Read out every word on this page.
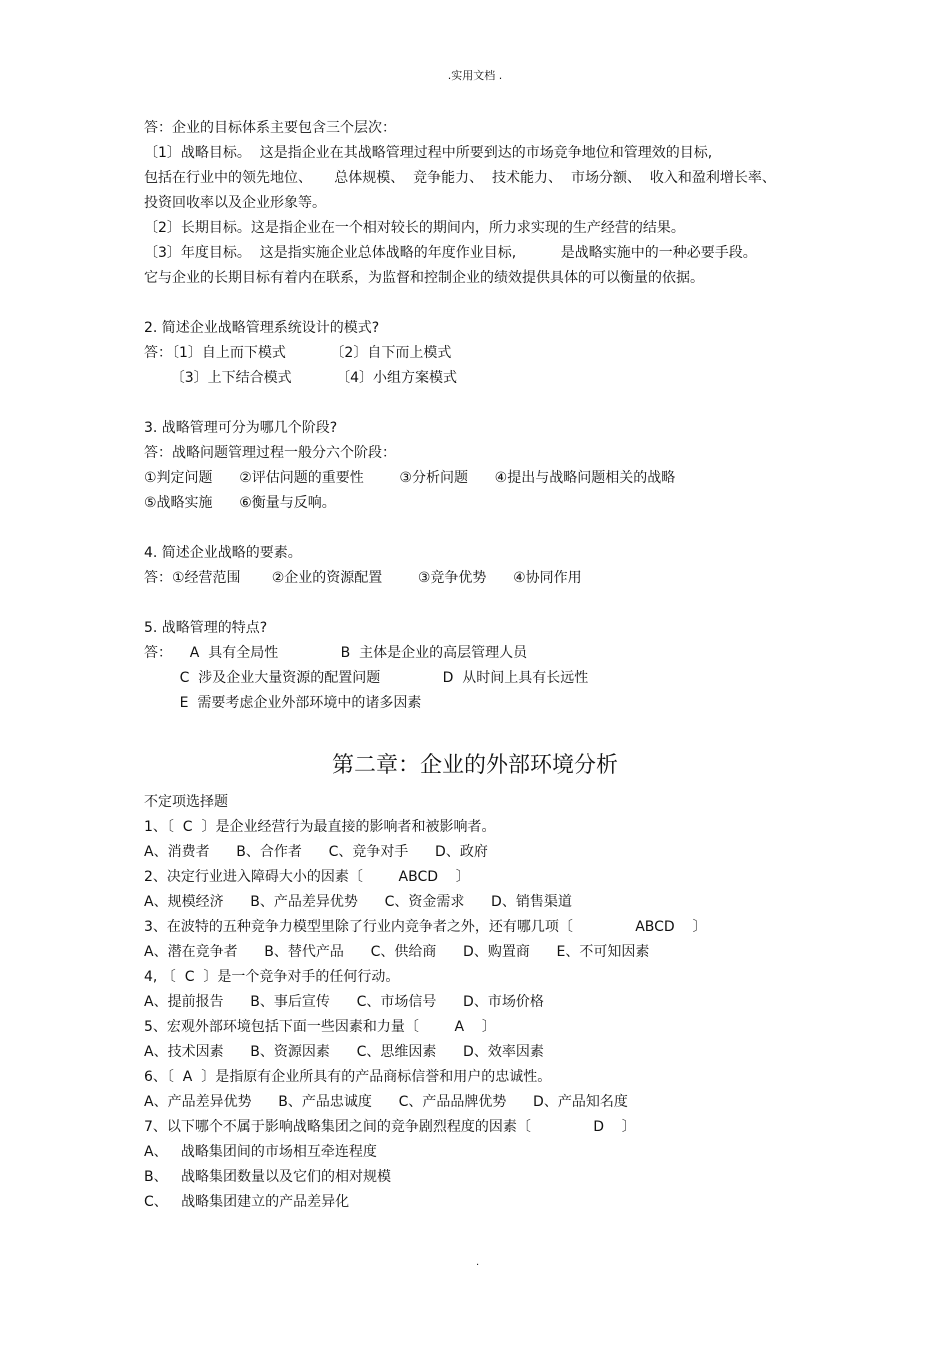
.实用文档 .
答：企业的目标体系主要包含三个层次：
〔1〕战略目标。  这是指企业在其战略管理过程中所要到达的市场竞争地位和管理效的目标,
包括在行业中的领先地位、     总体规模、  竞争能力、  技术能力、  市场分额、  收入和盈利增长率、
投资回收率以及企业形象等。
〔2〕长期目标。这是指企业在一个相对较长的期间内，所力求实现的生产经营的结果。
〔3〕年度目标。  这是指实施企业总体战略的年度作业目标,          是战略实施中的一种必要手段。
它与企业的长期目标有着内在联系，为监督和控制企业的绩效提供具体的可以衡量的依据。
2. 简述企业战略管理系统设计的模式?
答：〔1〕自上而下模式          〔2〕自下而上模式
〔3〕上下结合模式          〔4〕小组方案模式
3. 战略管理可分为哪几个阶段?
答：战略问题管理过程一般分六个阶段：
①判定问题      ②评估问题的重要性        ③分析问题      ④提出与战略问题相关的战略
⑤战略实施      ⑥衡量与反响。
4. 简述企业战略的要素。
答：①经营范围       ②企业的资源配置        ③竞争优势      ④协同作用
5. 战略管理的特点?
答：    A  具有全局性              B  主体是企业的高层管理人员
C  涉及企业大量资源的配置问题              D  从时间上具有长远性
E  需要考虑企业外部环境中的诸多因素
第二章：企业的外部环境分析
不定项选择题
1、〔  C  〕是企业经营行为最直接的影响者和被影响者。
A、消费者      B、合作者      C、竞争对手      D、政府
2、决定行业进入障碍大小的因素〔        ABCD    〕
A、规模经济      B、产品差异优势      C、资金需求      D、销售渠道
3、在波特的五种竞争力模型里除了行业内竞争者之外，还有哪几项〔              ABCD    〕
A、潜在竞争者      B、替代产品      C、供给商      D、购置商      E、不可知因素
4, 〔  C  〕是一个竞争对手的任何行动。
A、提前报告      B、事后宣传      C、市场信号      D、市场价格
5、宏观外部环境包括下面一些因素和力量〔        A    〕
A、技术因素      B、资源因素      C、思维因素      D、效率因素
6、〔  A  〕是指原有企业所具有的产品商标信誉和用户的忠诚性。
A、产品差异优势      B、产品忠诚度      C、产品品牌优势      D、产品知名度
7、以下哪个不属于影响战略集团之间的竞争剧烈程度的因素〔              D    〕
A、   战略集团间的市场相互牵连程度
B、   战略集团数量以及它们的相对规模
C、   战略集团建立的产品差异化
.
